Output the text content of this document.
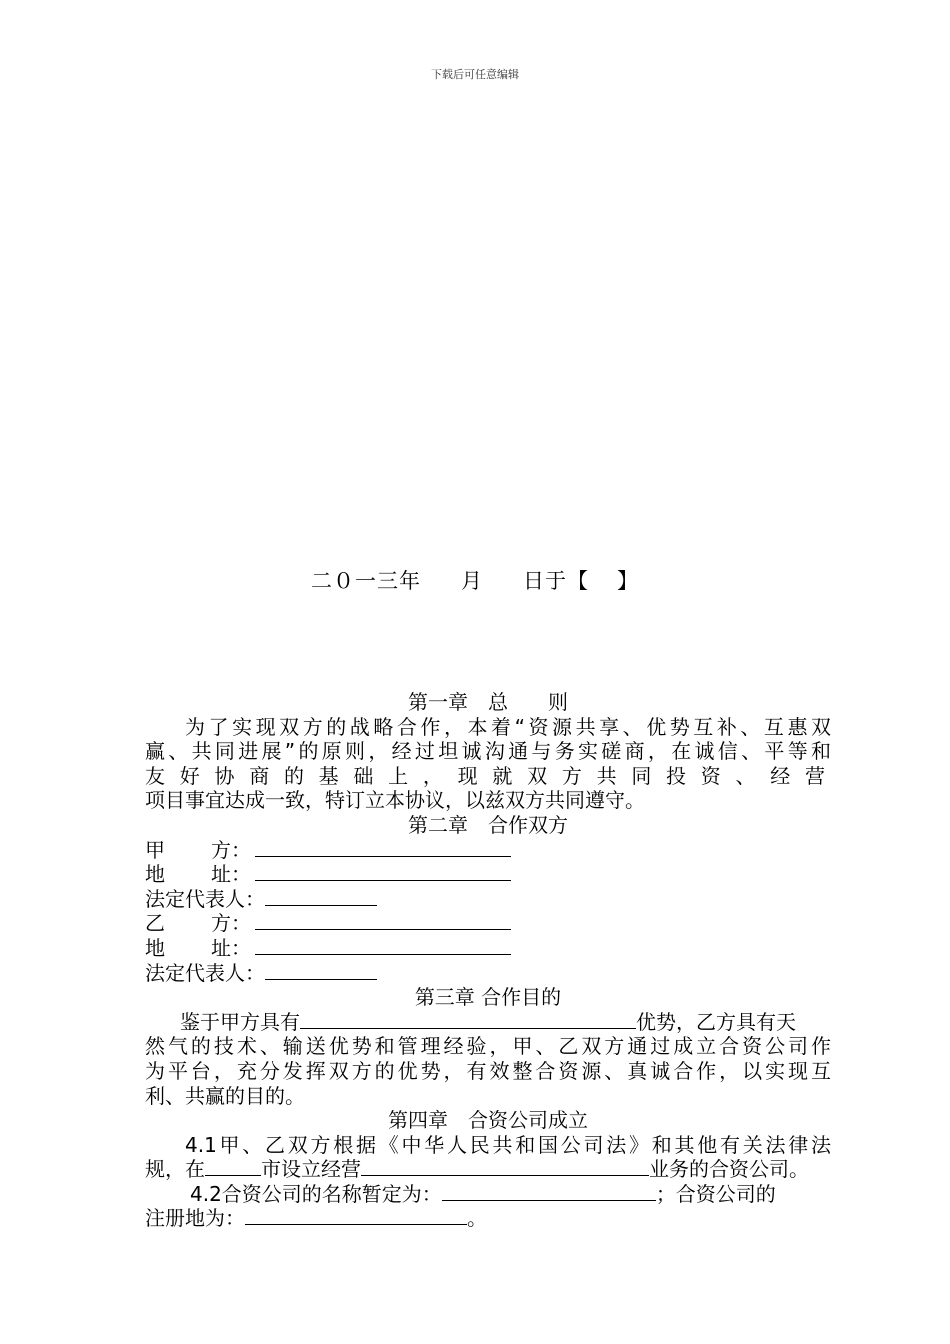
下载后可任意编辑
二０一三年 月 日于【 】
第一章　总　　则
为了实现双方的战略合作，本着“资源共享、优势互补、互惠双
赢、共同进展”的原则，经过坦诚沟通与务实磋商，在诚信、平等和
友好协商的基础上，现就双方共同投资、经营
项目事宜达成一致，特订立本协议，以兹双方共同遵守。
第二章　合作双方
甲 方：
地 址：
法定代表人：
乙 方：
地 址：
法定代表人：
第三章 合作目的
鉴于甲方具有	优势，乙方具有天
然气的技术、输送优势和管理经验，甲、乙双方通过成立合资公司作
为平台，充分发挥双方的优势，有效整合资源、真诚合作，以实现互
利、共赢的目的。
第四章　合资公司成立
4.1甲、乙双方根据《中华人民共和国公司法》和其他有关法律法
规，在	市设立经营	业务的合资公司。
4.2合资公司的名称暂定为：	；合资公司的
注册地为：	。
